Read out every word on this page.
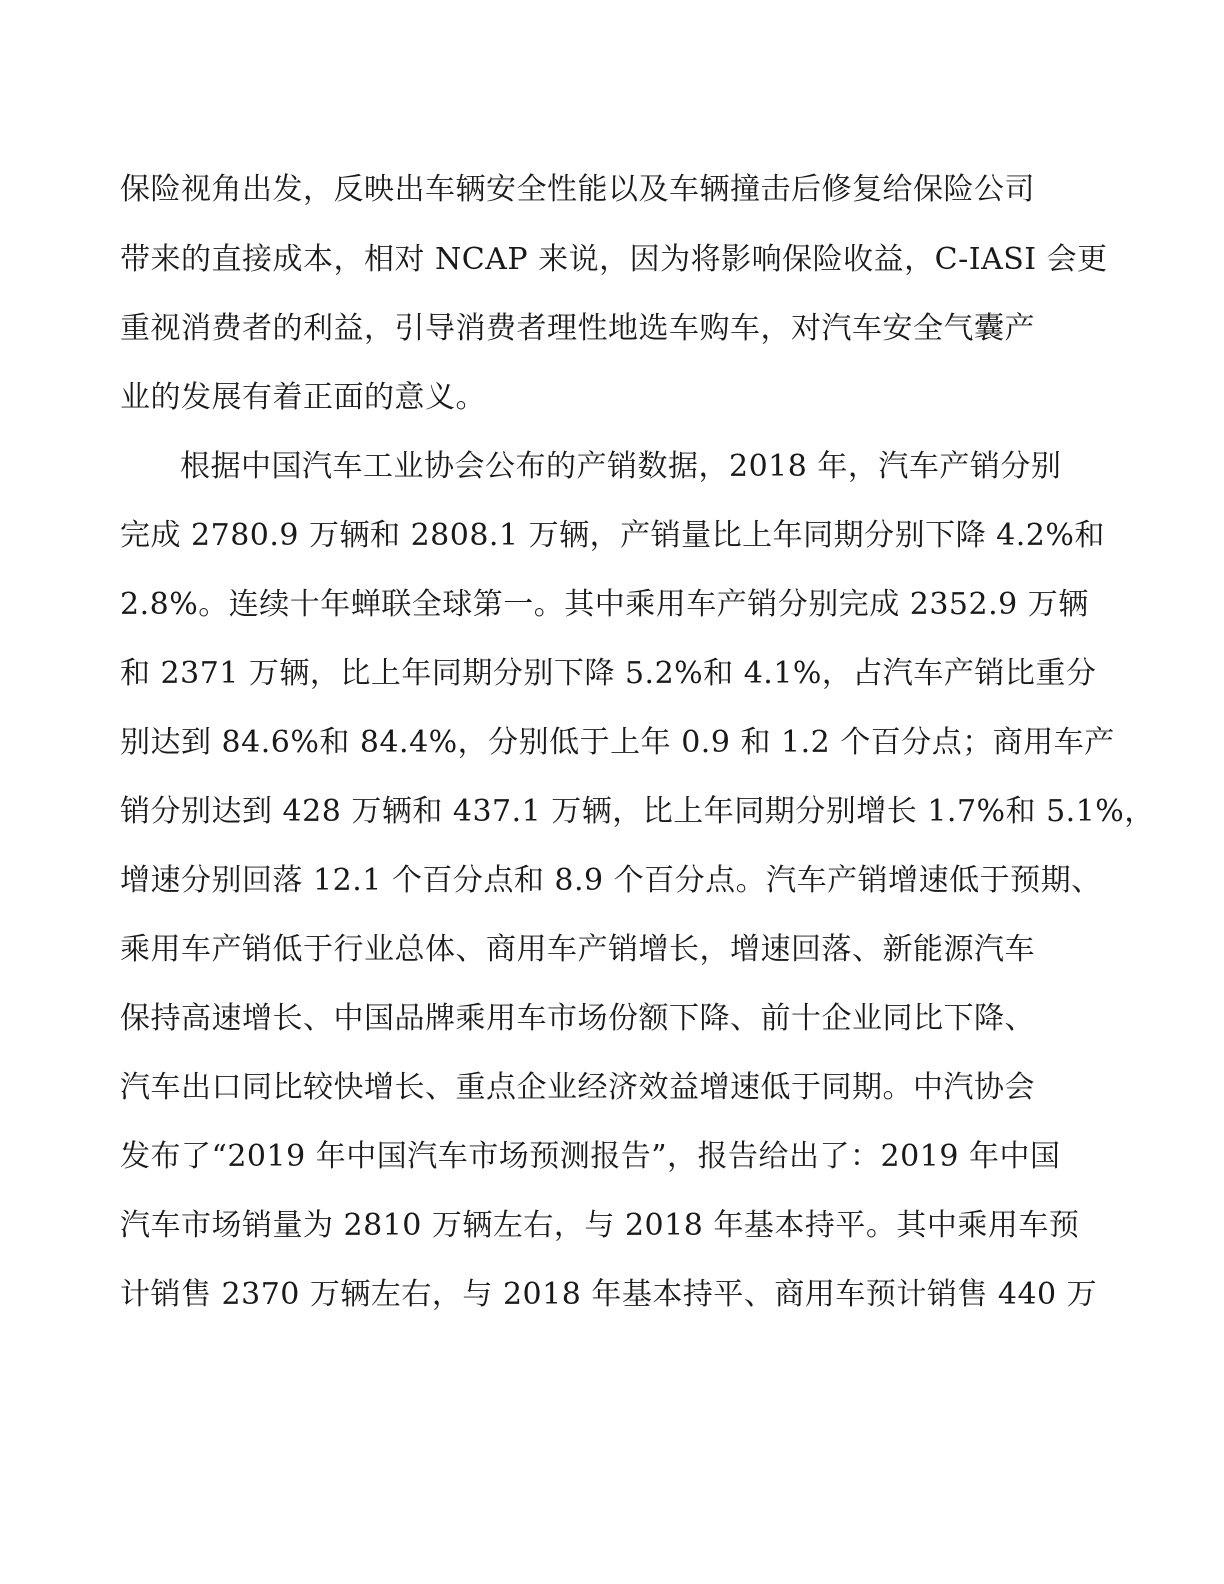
保险视角出发，反映出车辆安全性能以及车辆撞击后修复给保险公司
带来的直接成本，相对 NCAP 来说，因为将影响保险收益，C-IASI 会更
重视消费者的利益，引导消费者理性地选车购车，对汽车安全气囊产
业的发展有着正面的意义。
根据中国汽车工业协会公布的产销数据，2018 年，汽车产销分别
完成 2780.9 万辆和 2808.1 万辆，产销量比上年同期分别下降 4.2%和
2.8%。连续十年蝉联全球第一。其中乘用车产销分别完成 2352.9 万辆
和 2371 万辆，比上年同期分别下降 5.2%和 4.1%，占汽车产销比重分
别达到 84.6%和 84.4%，分别低于上年 0.9 和 1.2 个百分点；商用车产
销分别达到 428 万辆和 437.1 万辆，比上年同期分别增长 1.7%和 5.1%，
增速分别回落 12.1 个百分点和 8.9 个百分点。汽车产销增速低于预期、
乘用车产销低于行业总体、商用车产销增长，增速回落、新能源汽车
保持高速增长、中国品牌乘用车市场份额下降、前十企业同比下降、
汽车出口同比较快增长、重点企业经济效益增速低于同期。中汽协会
发布了“2019 年中国汽车市场预测报告”，报告给出了：2019 年中国
汽车市场销量为 2810 万辆左右，与 2018 年基本持平。其中乘用车预
计销售 2370 万辆左右，与 2018 年基本持平、商用车预计销售 440 万
